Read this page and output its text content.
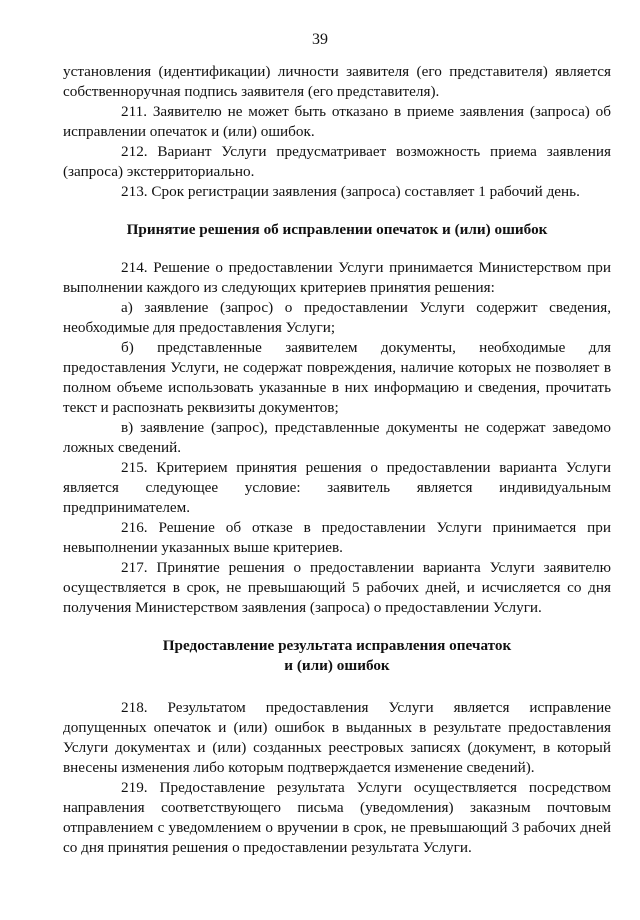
39

установления (идентификации) личности заявителя (его представителя) является собственноручная подпись заявителя (его представителя).

211. Заявителю не может быть отказано в приеме заявления (запроса) об исправлении опечаток и (или) ошибок.

212. Вариант Услуги предусматривает возможность приема заявления (запроса) экстерриториально.

213. Срок регистрации заявления (запроса) составляет 1 рабочий день.

Принятие решения об исправлении опечаток и (или) ошибок

214. Решение о предоставлении Услуги принимается Министерством при выполнении каждого из следующих критериев принятия решения:

а) заявление (запрос) о предоставлении Услуги содержит сведения, необходимые для предоставления Услуги;

б) представленные заявителем документы, необходимые для предоставления Услуги, не содержат повреждения, наличие которых не позволяет в полном объеме использовать указанные в них информацию и сведения, прочитать текст и распознать реквизиты документов;

в) заявление (запрос), представленные документы не содержат заведомо ложных сведений.

215. Критерием принятия решения о предоставлении варианта Услуги является следующее условие: заявитель является индивидуальным предпринимателем.

216. Решение об отказе в предоставлении Услуги принимается при невыполнении указанных выше критериев.

217. Принятие решения о предоставлении варианта Услуги заявителю осуществляется в срок, не превышающий 5 рабочих дней, и исчисляется со дня получения Министерством заявления (запроса) о предоставлении Услуги.

Предоставление результата исправления опечаток
и (или) ошибок

218. Результатом предоставления Услуги является исправление допущенных опечаток и (или) ошибок в выданных в результате предоставления Услуги документах и (или) созданных реестровых записях (документ, в который внесены изменения либо которым подтверждается изменение сведений).

219. Предоставление результата Услуги осуществляется посредством направления соответствующего письма (уведомления) заказным почтовым отправлением с уведомлением о вручении в срок, не превышающий 3 рабочих дней со дня принятия решения о предоставлении результата Услуги.
